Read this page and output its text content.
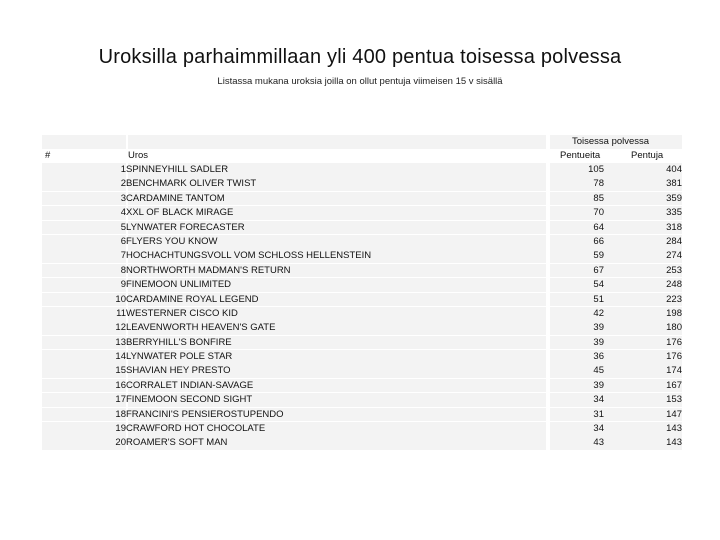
Uroksilla parhaimmillaan yli 400 pentua toisessa polvessa
Listassa mukana uroksia joilla on ollut pentuja viimeisen 15 v sisällä
Toisessa polvessa
#	Uros	Pentueita	Pentuja
1 SPINNEYHILL SADLER	105	404
2 BENCHMARK OLIVER TWIST	78	381
3 CARDAMINE TANTOM	85	359
4 XXL OF BLACK MIRAGE	70	335
5 LYNWATER FORECASTER	64	318
6 FLYERS YOU KNOW	66	284
7 HOCHACHTUNGSVOLL VOM SCHLOSS HELLENSTEIN	59	274
8 NORTHWORTH MADMAN'S RETURN	67	253
9 FINEMOON UNLIMITED	54	248
10 CARDAMINE ROYAL LEGEND	51	223
11 WESTERNER CISCO KID	42	198
12 LEAVENWORTH HEAVEN'S GATE	39	180
13 BERRYHILL'S BONFIRE	39	176
14 LYNWATER POLE STAR	36	176
15 SHAVIAN HEY PRESTO	45	174
16 CORRALET INDIAN-SAVAGE	39	167
17 FINEMOON SECOND SIGHT	34	153
18 FRANCINI'S PENSIEROSTUPENDO	31	147
19 CRAWFORD HOT CHOCOLATE	34	143
20 ROAMER'S SOFT MAN	43	143
